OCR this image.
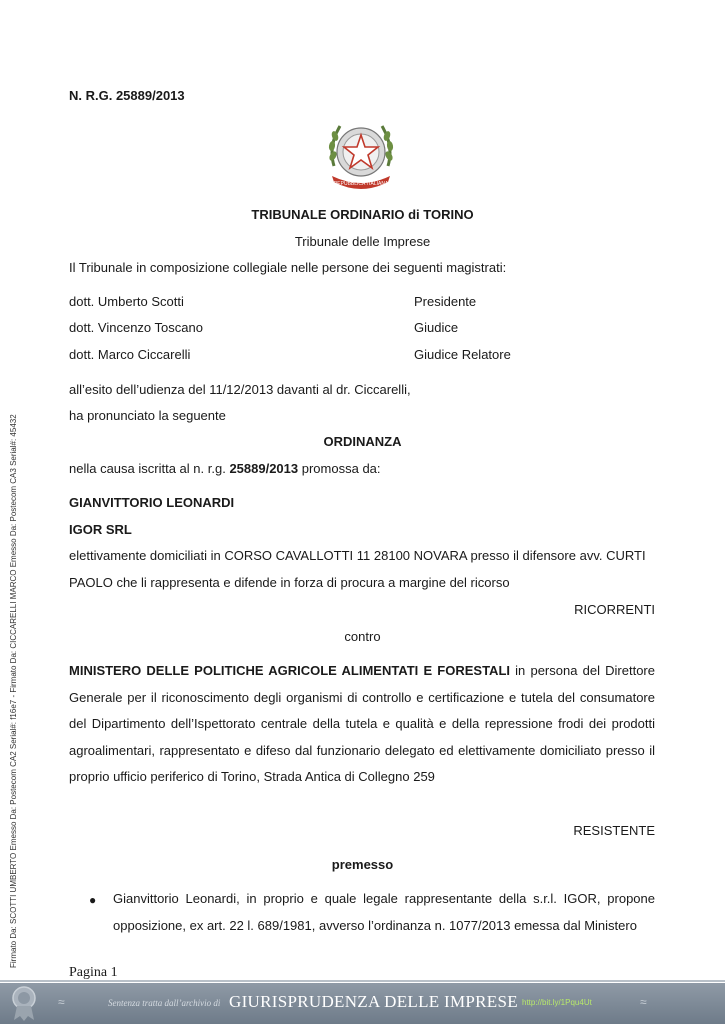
N. R.G. 25889/2013
REPUBBLICA ITALIANA
TRIBUNALE ORDINARIO di TORINO
Tribunale delle Imprese
Il Tribunale in composizione collegiale nelle persone dei seguenti magistrati:
dott. Umberto Scotti	Presidente
dott. Vincenzo Toscano	Giudice
dott. Marco Ciccarelli	Giudice Relatore
all’esito dell’udienza del 11/12/2013 davanti al dr. Ciccarelli,
ha pronunciato la seguente
ORDINANZA
nella causa iscritta al n. r.g. 25889/2013 promossa da:
GIANVITTORIO LEONARDI
IGOR SRL
elettivamente domiciliati in CORSO CAVALLOTTI 11 28100 NOVARA presso il difensore avv. CURTI
PAOLO che li rappresenta e difende in forza di procura a margine del ricorso
RICORRENTI
contro
MINISTERO DELLE POLITICHE AGRICOLE ALIMENTATI E FORESTALI in persona del Direttore Generale per il riconoscimento degli organismi di controllo e certificazione e tutela del consumatore del Dipartimento dell’Ispettorato centrale della tutela e qualità e della repressione frodi dei prodotti agroalimentari, rappresentato e difeso dal funzionario delegato ed elettivamente domiciliato presso il proprio ufficio periferico di Torino, Strada Antica di Collegno 259
RESISTENTE
premesso
● Gianvittorio Leonardi, in proprio e quale legale rappresentante della s.r.l. IGOR, propone opposizione, ex art. 22 l. 689/1981, avverso l’ordinanza n. 1077/2013 emessa dal Ministero
Pagina 1
Firmato Da: SCOTTI UMBERTO Emesso Da: Postecom CA2 Serial#: f16e7 - Firmato Da: CICCARELLI MARCO Emesso Da: Postecom CA3 Serial#: 45432
≈	Sentenza tratta dall’archivio di GIURISPRUDENZA DELLE IMPRESE http://bit.ly/1Pqu4Ut	≈
